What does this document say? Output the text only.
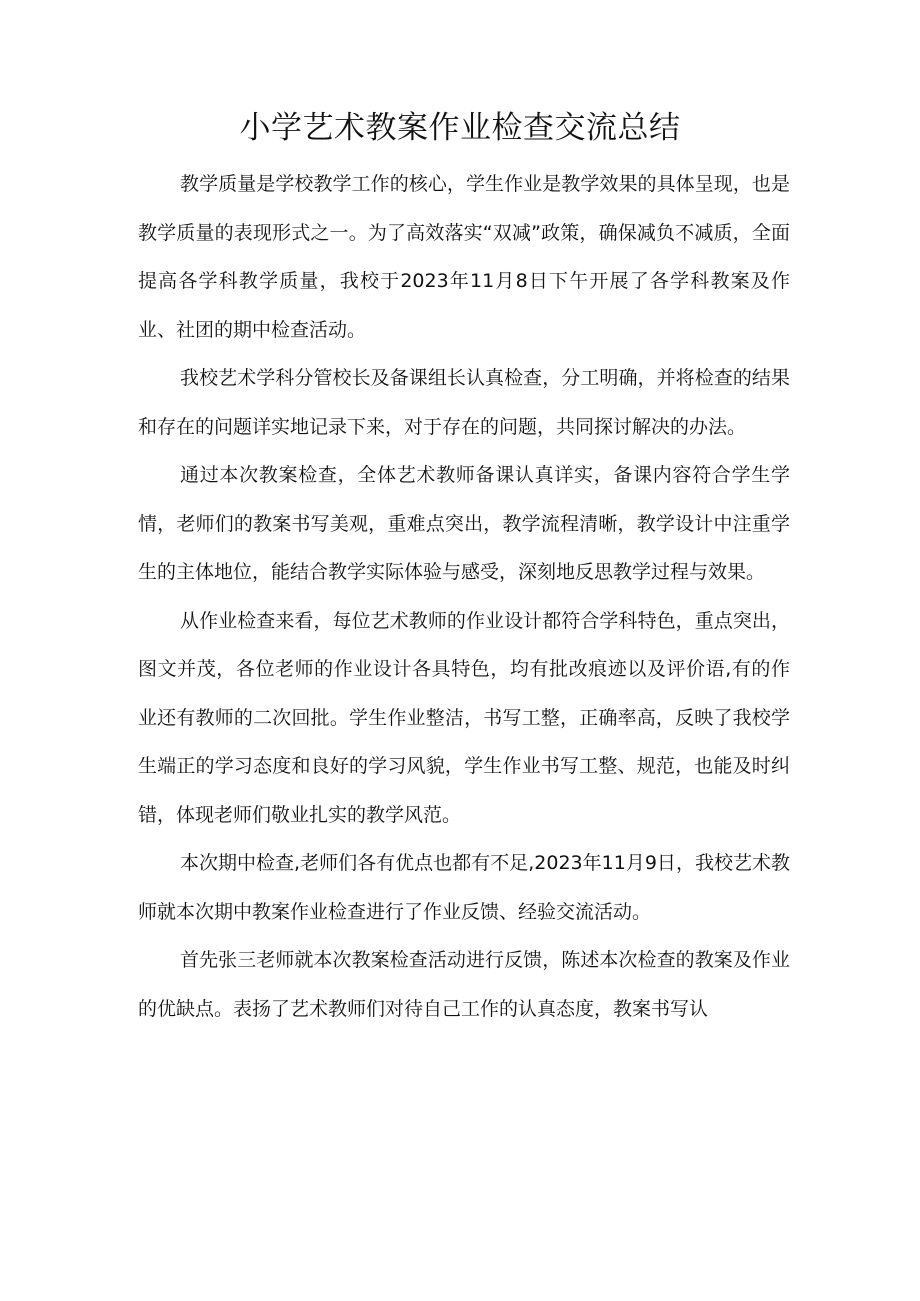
小学艺术教案作业检查交流总结

教学质量是学校教学工作的核心，学生作业是教学效果的具体呈现，也是教学质量的表现形式之一。为了高效落实“双减”政策，确保减负不减质，全面提高各学科教学质量，我校于2023年11月8日下午开展了各学科教案及作业、社团的期中检查活动。

我校艺术学科分管校长及备课组长认真检查，分工明确，并将检查的结果和存在的问题详实地记录下来，对于存在的问题，共同探讨解决的办法。

通过本次教案检查，全体艺术教师备课认真详实，备课内容符合学生学情，老师们的教案书写美观，重难点突出，教学流程清晰，教学设计中注重学生的主体地位，能结合教学实际体验与感受，深刻地反思教学过程与效果。

从作业检查来看，每位艺术教师的作业设计都符合学科特色，重点突出，图文并茂，各位老师的作业设计各具特色，均有批改痕迹以及评价语,有的作业还有教师的二次回批。学生作业整洁，书写工整，正确率高，反映了我校学生端正的学习态度和良好的学习风貌，学生作业书写工整、规范，也能及时纠错，体现老师们敬业扎实的教学风范。

本次期中检查,老师们各有优点也都有不足,2023年11月9日，我校艺术教师就本次期中教案作业检查进行了作业反馈、经验交流活动。

首先张三老师就本次教案检查活动进行反馈，陈述本次检查的教案及作业的优缺点。表扬了艺术教师们对待自己工作的认真态度，教案书写认
